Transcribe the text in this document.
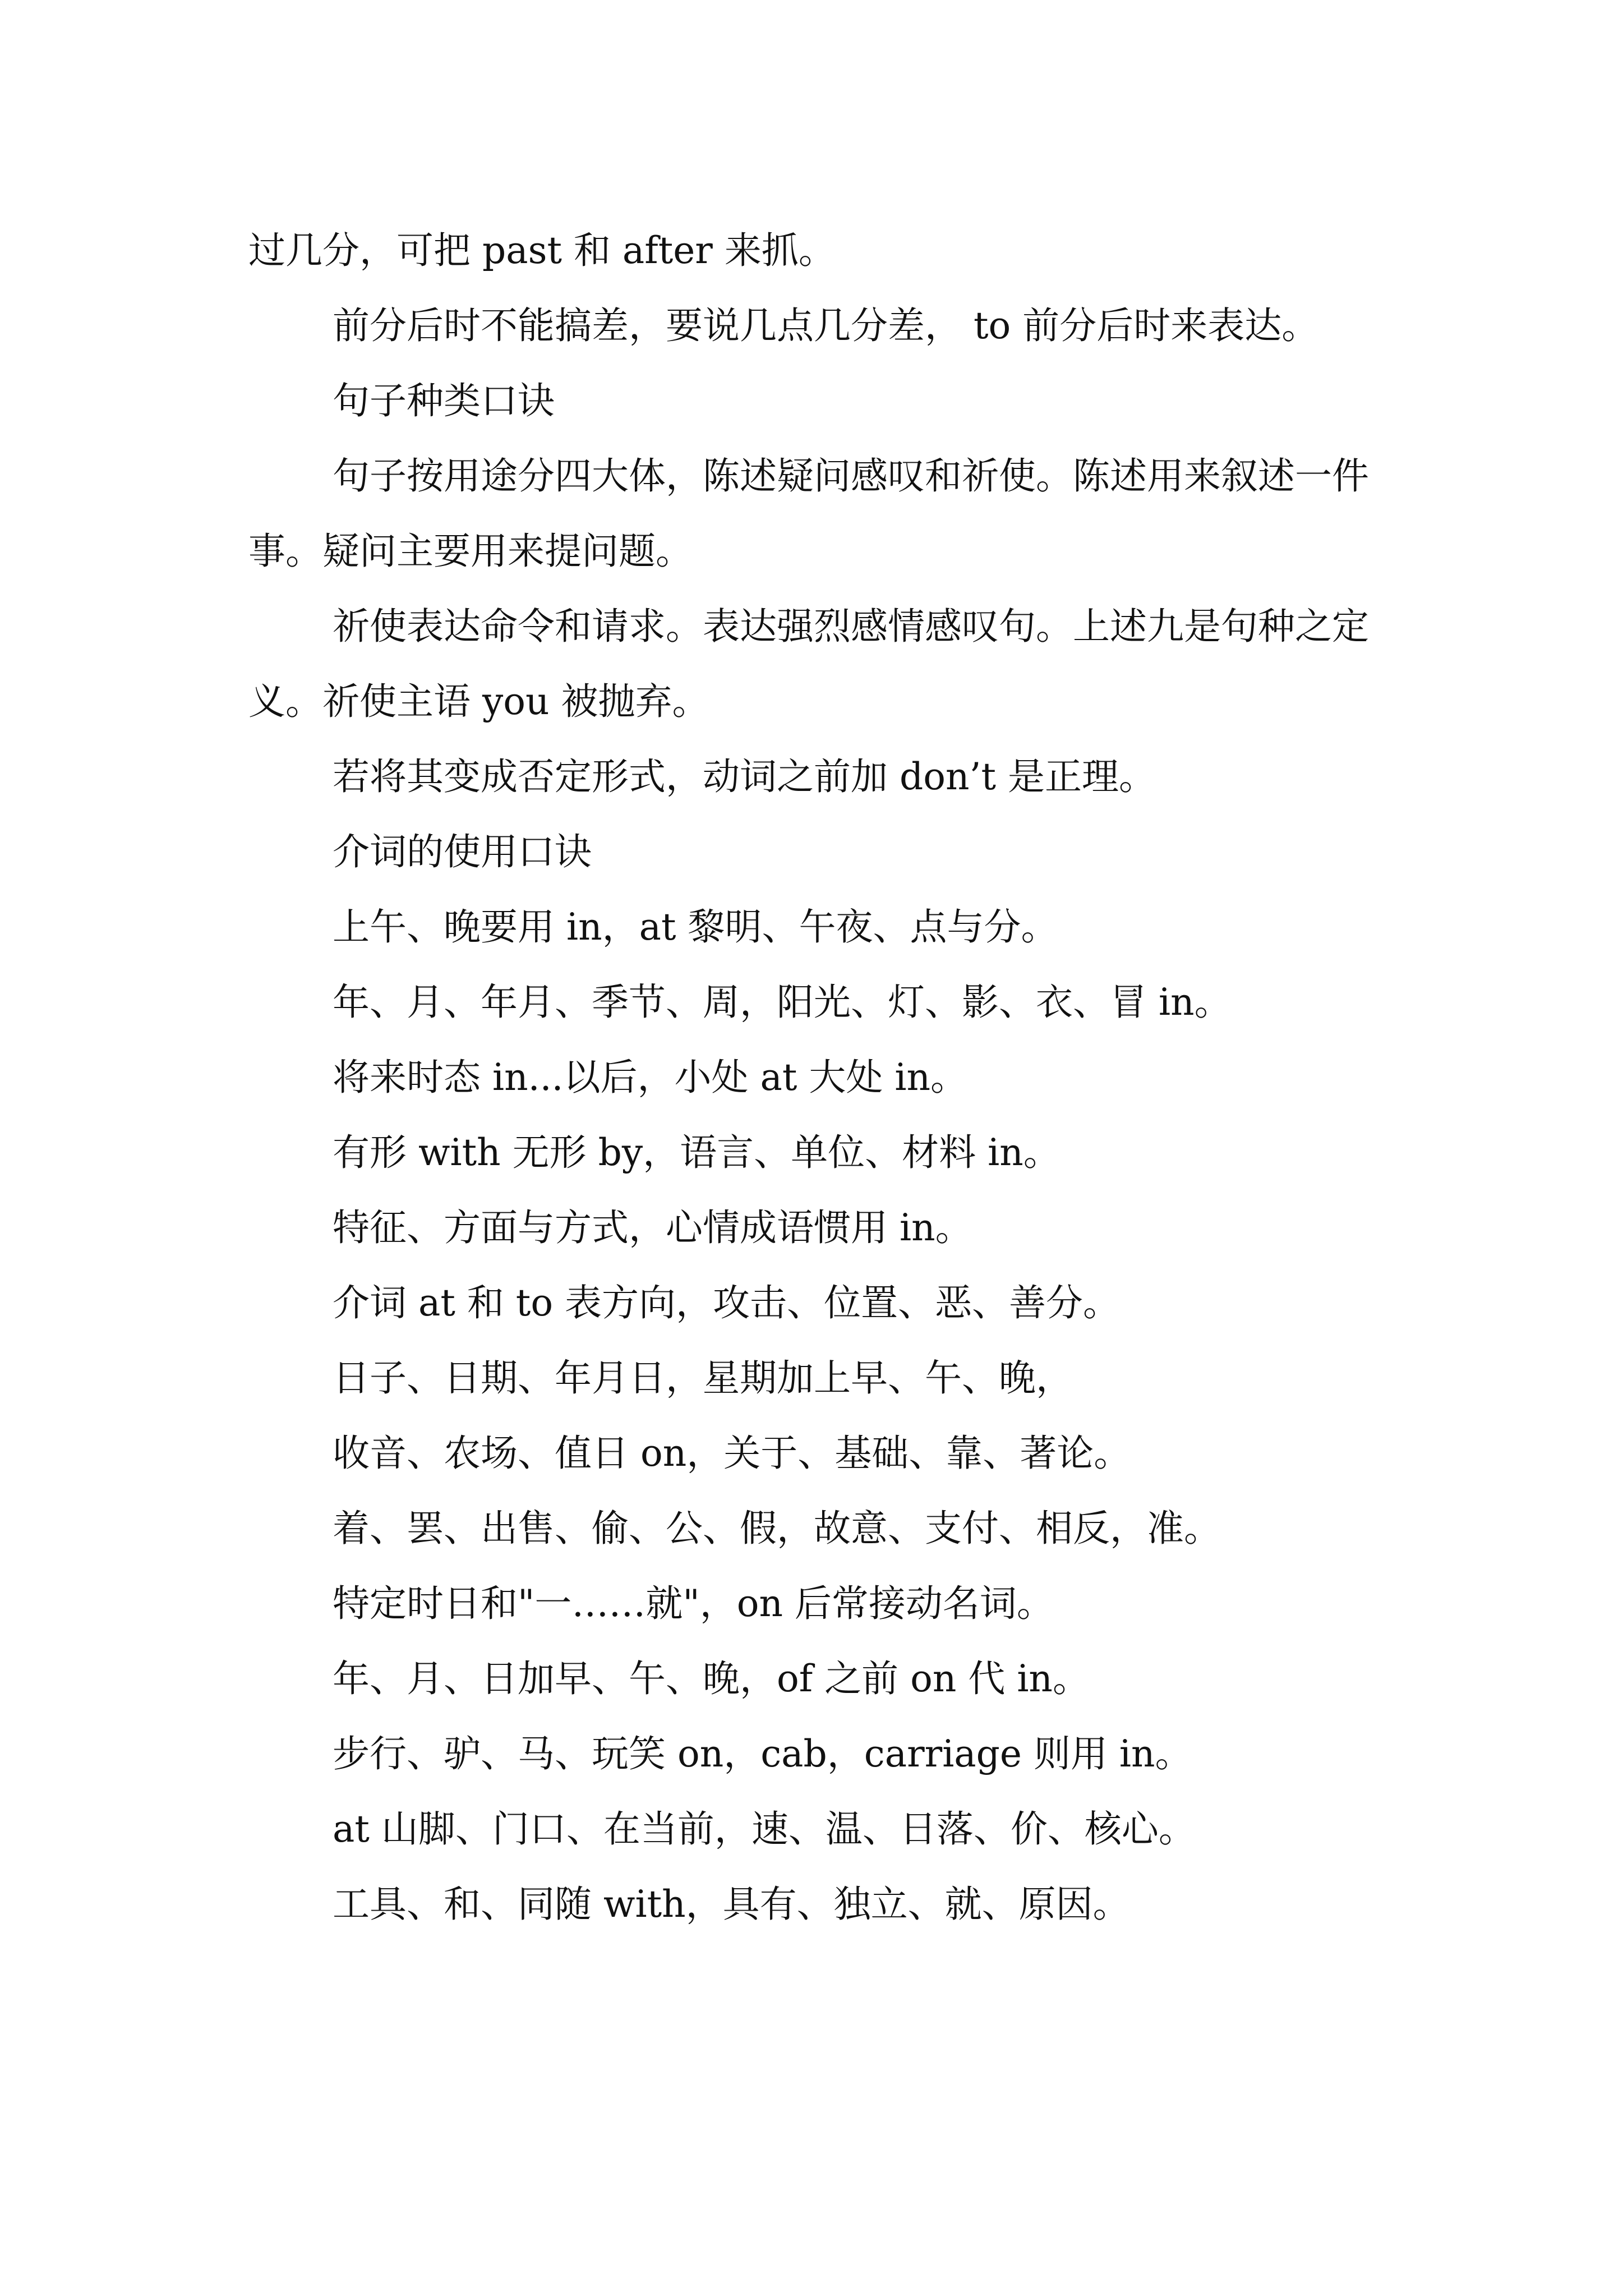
过几分，可把 past 和 after 来抓。

前分后时不能搞差，要说几点几分差， to 前分后时来表达。

句子种类口诀

句子按用途分四大体，陈述疑问感叹和祈使。陈述用来叙述一件事。疑问主要用来提问题。

祈使表达命令和请求。表达强烈感情感叹句。上述九是句种之定义。祈使主语 you 被抛弃。

若将其变成否定形式，动词之前加 don’t 是正理。

介词的使用口诀

上午、晚要用 in，at 黎明、午夜、点与分。

年、月、年月、季节、周，阳光、灯、影、衣、冒 in。

将来时态 in...以后，小处 at 大处 in。

有形 with 无形 by，语言、单位、材料 in。

特征、方面与方式，心情成语惯用 in。

介词 at 和 to 表方向，攻击、位置、恶、善分。

日子、日期、年月日，星期加上早、午、晚，

收音、农场、值日 on，关于、基础、靠、著论。

着、罢、出售、偷、公、假，故意、支付、相反，准。

特定时日和"一……就"，on 后常接动名词。

年、月、日加早、午、晚，of 之前 on 代 in。

步行、驴、马、玩笑 on，cab，carriage 则用 in。

at 山脚、门口、在当前，速、温、日落、价、核心。

工具、和、同随 with，具有、独立、就、原因。
